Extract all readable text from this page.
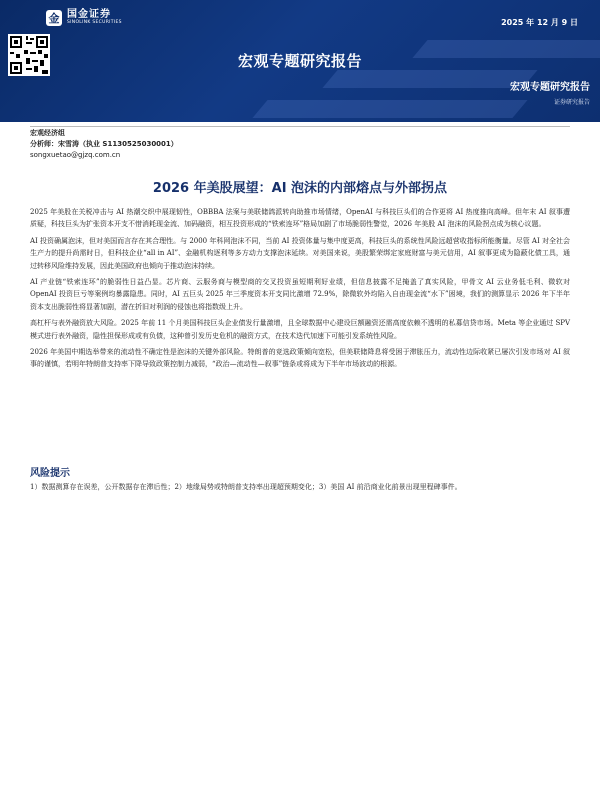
金 国金证券
SINOLINK SECURITIES	2025 年 12 月 9 日
宏观专题研究报告
宏观专题研究报告
证券研究报告
宏观经济组
分析师：宋雪涛（执业 S1130525030001）
songxuetao@gjzq.com.cn
2026 年美股展望：AI 泡沫的内部熔点与外部拐点

2025 年美股在关税冲击与 AI 热潮交织中展现韧性，OBBBA 法案与美联储鸽派转向助推市场情绪，OpenAI 与科技巨头们的合作更将 AI 热度推向高峰。但年末 AI 叙事遭质疑，科技巨头为扩张资本开支不惜消耗现金流、加码融资，相互投资形成的“铁索连环”格局加剧了市场脆弱性警觉，2026 年美股 AI 泡沫的风险拐点成为核心议题。

AI 投资确属泡沫，但对美国而言存在其合理性。与 2000 年科网泡沫不同，当前 AI 投资体量与集中度更高，科技巨头的系统性风险远超营收指标所能衡量。尽管 AI 对全社会生产力的提升尚需时日，但科技企业“all in AI”、金融机构逐利等多方动力支撑泡沫延续。对美国来说，美股繁荣绑定家庭财富与美元信用，AI 叙事更成为隐蔽化债工具，通过转移风险维持发展，因此美国政府也倾向于推动泡沫持续。

AI 产业链“铁索连环”的脆弱性日益凸显。芯片商、云服务商与模型商的交叉投资虽短期利好业绩，但信息披露不足掩盖了真实风险，甲骨文 AI 云业务低毛利、微软对 OpenAI 投资巨亏等案例均暴露隐患。同时，AI 五巨头 2025 年三季度资本开支同比激增 72.9%，除微软外均陷入自由现金流“水下”困境，我们的测算显示 2026 年下半年资本支出脆弱性将显著加剧，潜在折旧对利润的侵蚀也将指数级上升。

高杠杆与表外融资放大风险。2025 年前 11 个月美国科技巨头企业债发行量激增，且全球数据中心建设巨额融资还需高度依赖不透明的私募信贷市场。Meta 等企业通过 SPV 模式进行表外融资，隐性担保形成或有负债，这种曾引发历史危机的融资方式，在技术迭代加速下可能引发系统性风险。

2026 年美国中期选举带来的流动性不确定性是泡沫的关键外部风险。特朗普的竞选政策倾向宽松，但美联储降息将受困于滞胀压力，流动性边际收紧已屡次引发市场对 AI 叙事的谨慎，若明年特朗普支持率下降导致政策控制力减弱，“政治—流动性—叙事”链条或将成为下半年市场波动的根源。

风险提示
1）数据测算存在误差，公开数据存在滞后性；2）地缘局势或特朗普支持率出现超预期变化；3）美国 AI 前沿商业化前景出现里程碑事件。
